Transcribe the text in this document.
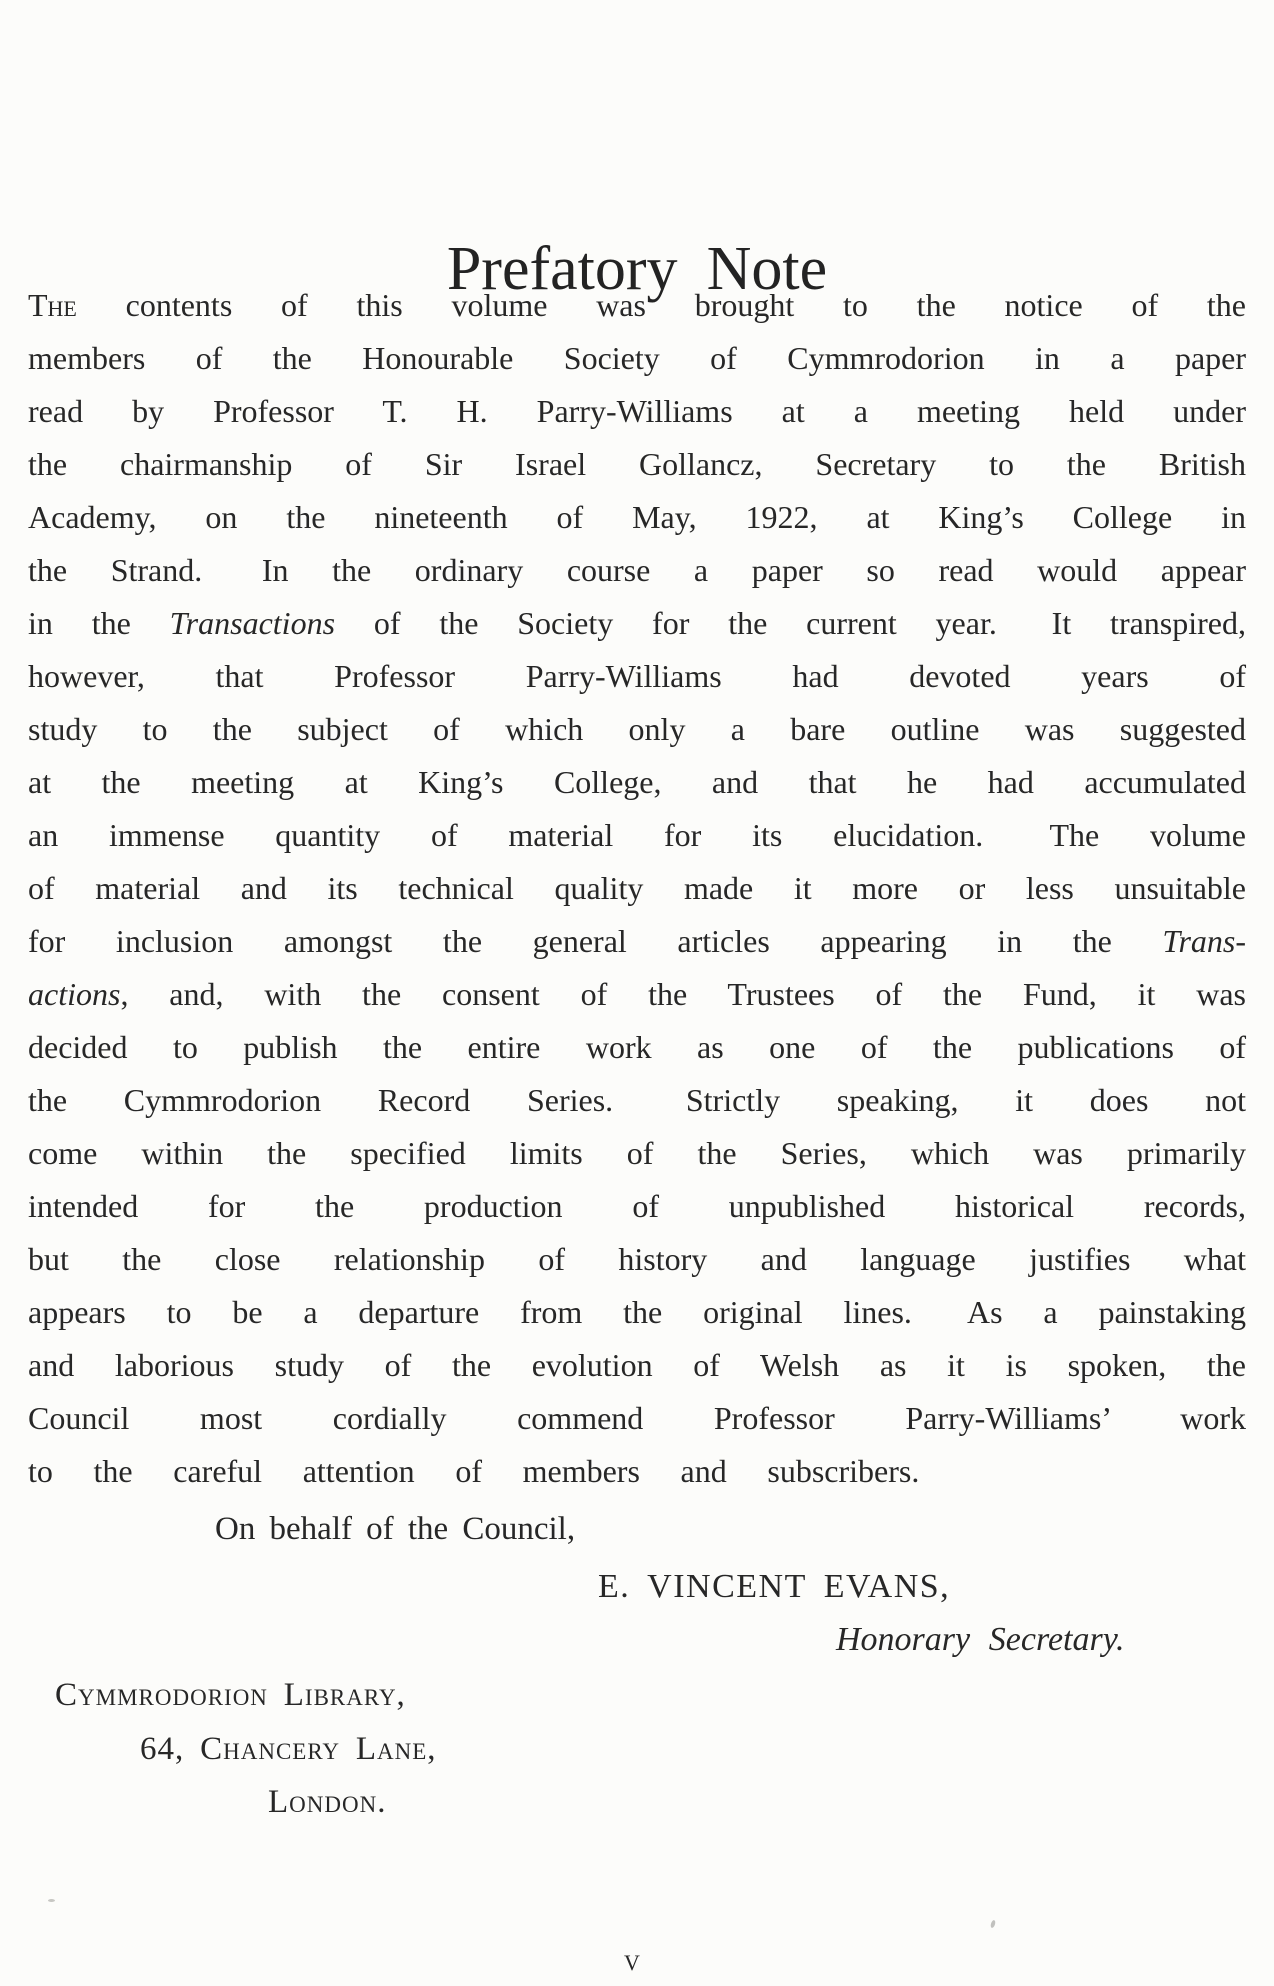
Prefatory Note
The contents of this volume was brought to the notice of the
members of the Honourable Society of Cymmrodorion in a paper
read by Professor T. H. Parry-Williams at a meeting held under
the chairmanship of Sir Israel Gollancz, Secretary to the British
Academy, on the nineteenth of May, 1922, at King’s College in
the Strand.  In the ordinary course a paper so read would appear
in the Transactions of the Society for the current year.  It transpired,
however, that Professor Parry-Williams had devoted years of
study to the subject of which only a bare outline was suggested
at the meeting at King’s College, and that he had accumulated
an immense quantity of material for its elucidation.  The volume
of material and its technical quality made it more or less unsuitable
for inclusion amongst the general articles appearing in the Trans-
actions, and, with the consent of the Trustees of the Fund, it was
decided to publish the entire work as one of the publications of
the Cymmrodorion Record Series.  Strictly speaking, it does not
come within the specified limits of the Series, which was primarily
intended for the production of unpublished historical records,
but the close relationship of history and language justifies what
appears to be a departure from the original lines.  As a painstaking
and laborious study of the evolution of Welsh as it is spoken, the
Council most cordially commend Professor Parry-Williams’ work
to the careful attention of members and subscribers.
On behalf of the Council,
E. VINCENT EVANS,
Honorary Secretary.
Cymmrodorion Library,
64, Chancery Lane,
London.
v
